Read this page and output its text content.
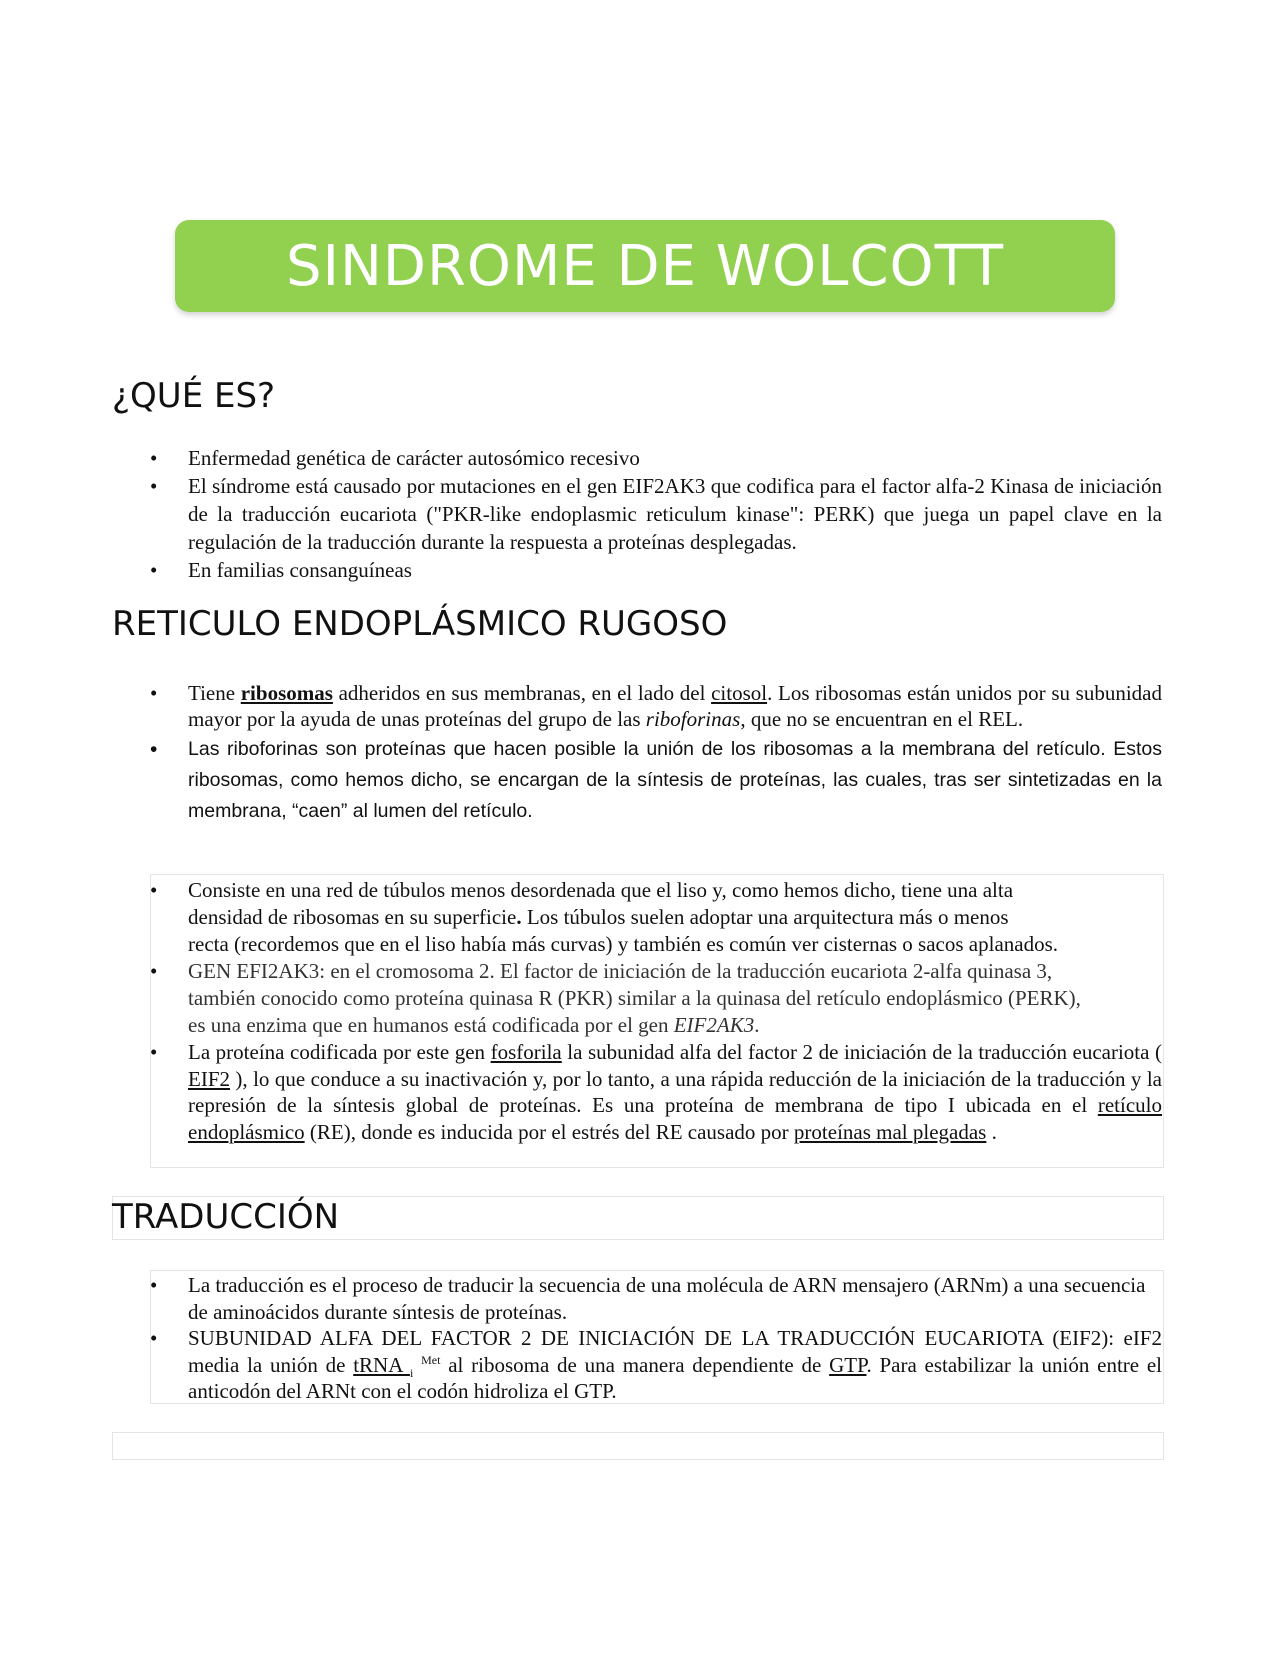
SINDROME DE WOLCOTT
¿QUÉ ES?
•	Enfermedad genética de carácter autosómico recesivo
•	El síndrome está causado por mutaciones en el gen EIF2AK3 que codifica para el factor alfa-2 Kinasa de iniciación de la traducción eucariota ("PKR-like endoplasmic reticulum kinase": PERK) que juega un papel clave en la regulación de la traducción durante la respuesta a proteínas desplegadas.
•	En familias consanguíneas
RETICULO ENDOPLÁSMICO RUGOSO
•	Tiene ribosomas adheridos en sus membranas, en el lado del citosol. Los ribosomas están unidos por su subunidad mayor por la ayuda de unas proteínas del grupo de las riboforinas, que no se encuentran en el REL.
•	Las riboforinas son proteínas que hacen posible la unión de los ribosomas a la membrana del retículo. Estos ribosomas, como hemos dicho, se encargan de la síntesis de proteínas, las cuales, tras ser sintetizadas en la membrana, “caen” al lumen del retículo.
•	Consiste en una red de túbulos menos desordenada que el liso y, como hemos dicho, tiene una alta
densidad de ribosomas en su superficie. Los túbulos suelen adoptar una arquitectura más o menos
recta (recordemos que en el liso había más curvas) y también es común ver cisternas o sacos aplanados.
•	GEN EFI2AK3: en el cromosoma 2. El factor de iniciación de la traducción eucariota 2-alfa quinasa 3,
también conocido como proteína quinasa R (PKR) similar a la quinasa del retículo endoplásmico (PERK),
es una enzima que en humanos está codificada por el gen EIF2AK3.
•	La proteína codificada por este gen fosforila la subunidad alfa del factor 2 de iniciación de la traducción eucariota ( EIF2 ), lo que conduce a su inactivación y, por lo tanto, a una rápida reducción de la iniciación de la traducción y la represión de la síntesis global de proteínas. Es una proteína de membrana de tipo I ubicada en el retículo endoplásmico (RE), donde es inducida por el estrés del RE causado por proteínas mal plegadas .
TRADUCCIÓN
•	La traducción es el proceso de traducir la secuencia de una molécula de ARN mensajero (ARNm) a una secuencia de aminoácidos durante síntesis de proteínas.
•	SUBUNIDAD ALFA DEL FACTOR 2 DE INICIACIÓN DE LA TRADUCCIÓN EUCARIOTA (EIF2): eIF2 media la unión de tRNA $_i$ $^{Met}$ al ribosoma de una manera dependiente de GTP. Para estabilizar la unión entre el anticodón del ARNt con el codón hidroliza el GTP.
